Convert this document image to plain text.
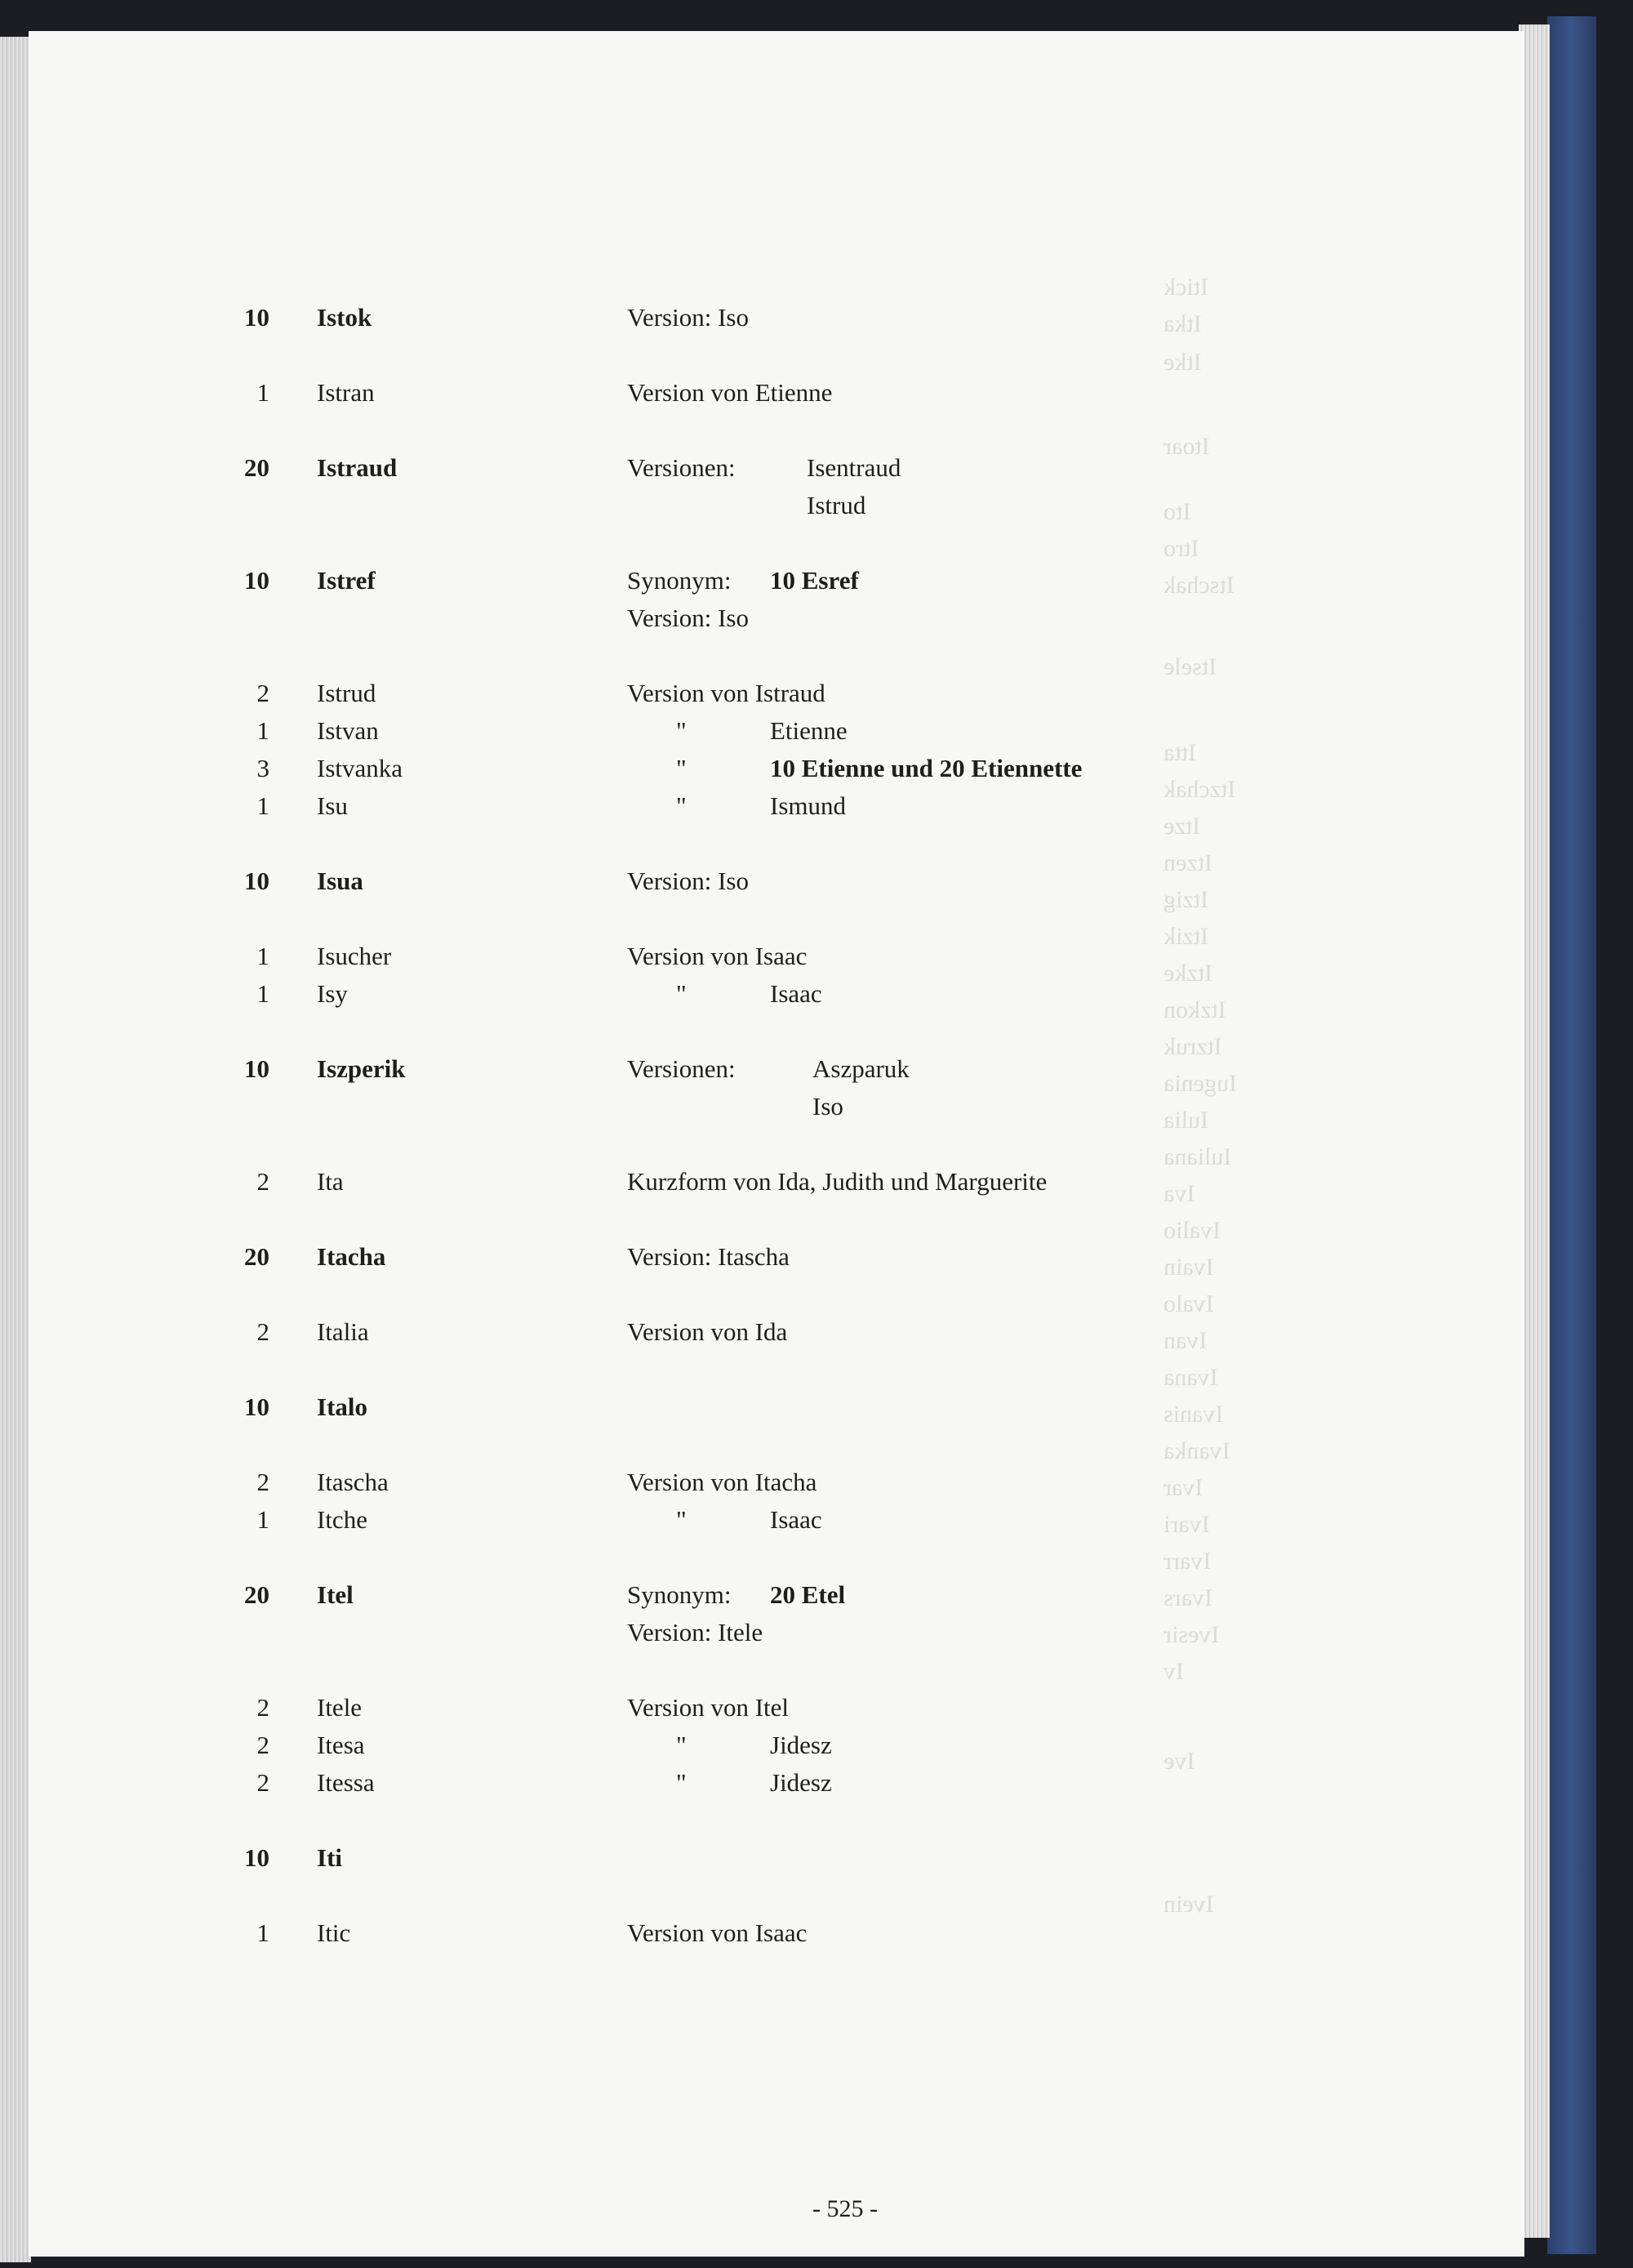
Itick
Itka
Itke
Itoar
Ito
Itro
Itschak
Itsele
Itta
Itzchak
Itze
Itzen
Itzig
Itzik
Itzke
Itzkon
Itzruk
Iugenia
Iulia
Iuliana
Iva
Ivalio
Ivain
Ivalo
Ivan
Ivana
Ivanis
Ivanka
Ivar
Ivari
Ivarr
Ivars
Ivesir
Iv
Ive
Ivein
10 Istok	Version: Iso
1 Istran	Version von Etienne
20 Istraud	Versionen:	Isentraud
Istrud
10 Istref	Synonym: 10 Esref
Version: Iso
2 Istrud	Version von Istraud
1 Istvan	"	Etienne
3 Istvanka	"	10 Etienne und 20 Etiennette
1 Isu	"	Ismund
10 Isua	Version: Iso
1 Isucher	Version von Isaac
1 Isy	"	Isaac
10 Iszperik	Versionen:	Aszparuk
Iso
2 Ita	Kurzform von Ida, Judith und Marguerite
20 Itacha	Version: Itascha
2 Italia	Version von Ida
10 Italo
2 Itascha	Version von Itacha
1 Itche	"	Isaac
20 Itel	Synonym: 20 Etel
Version: Itele
2 Itele	Version von Itel
2 Itesa	"	Jidesz
2 Itessa	"	Jidesz
10 Iti
1 Itic	Version von Isaac
- 525 -
